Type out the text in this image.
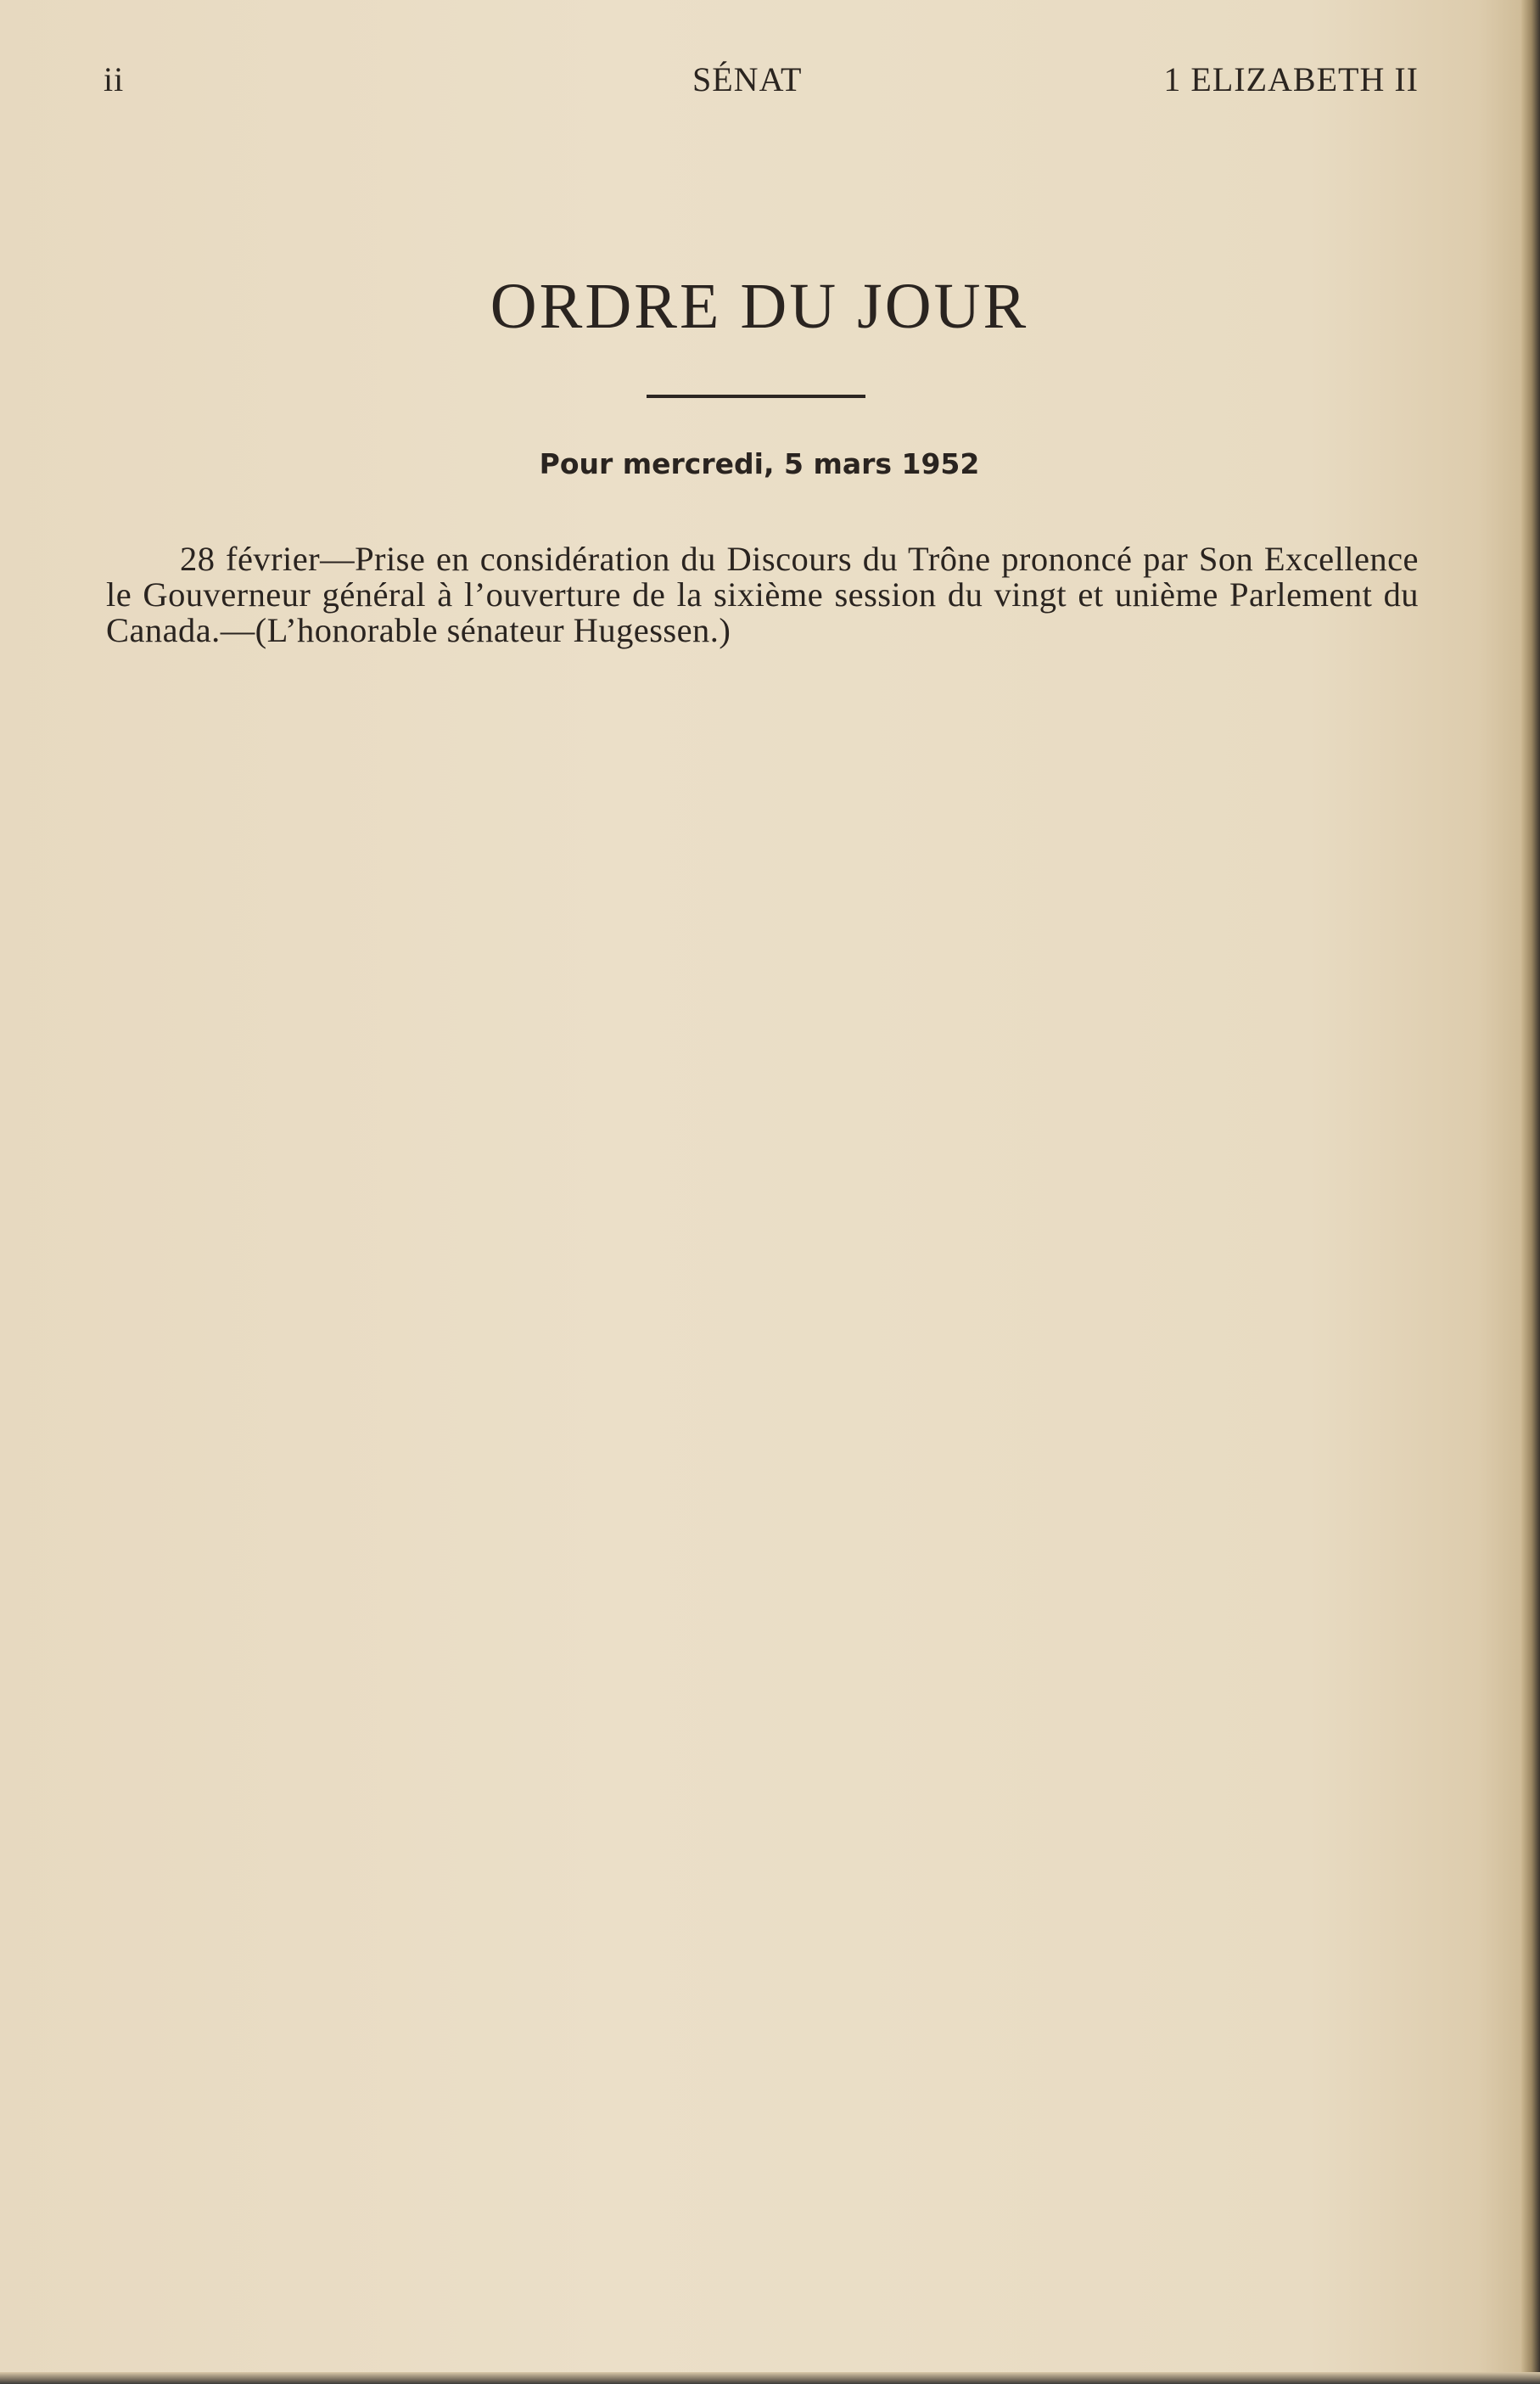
ii	SÉNAT	1 ELIZABETH II
ORDRE DU JOUR
Pour mercredi, 5 mars 1952

28 février—Prise en considération du Discours du Trône prononcé par Son Excellence le Gouverneur général à l’ouverture de la sixième session du vingt et unième Parlement du Canada.—(L’honorable sénateur Hugessen.)
